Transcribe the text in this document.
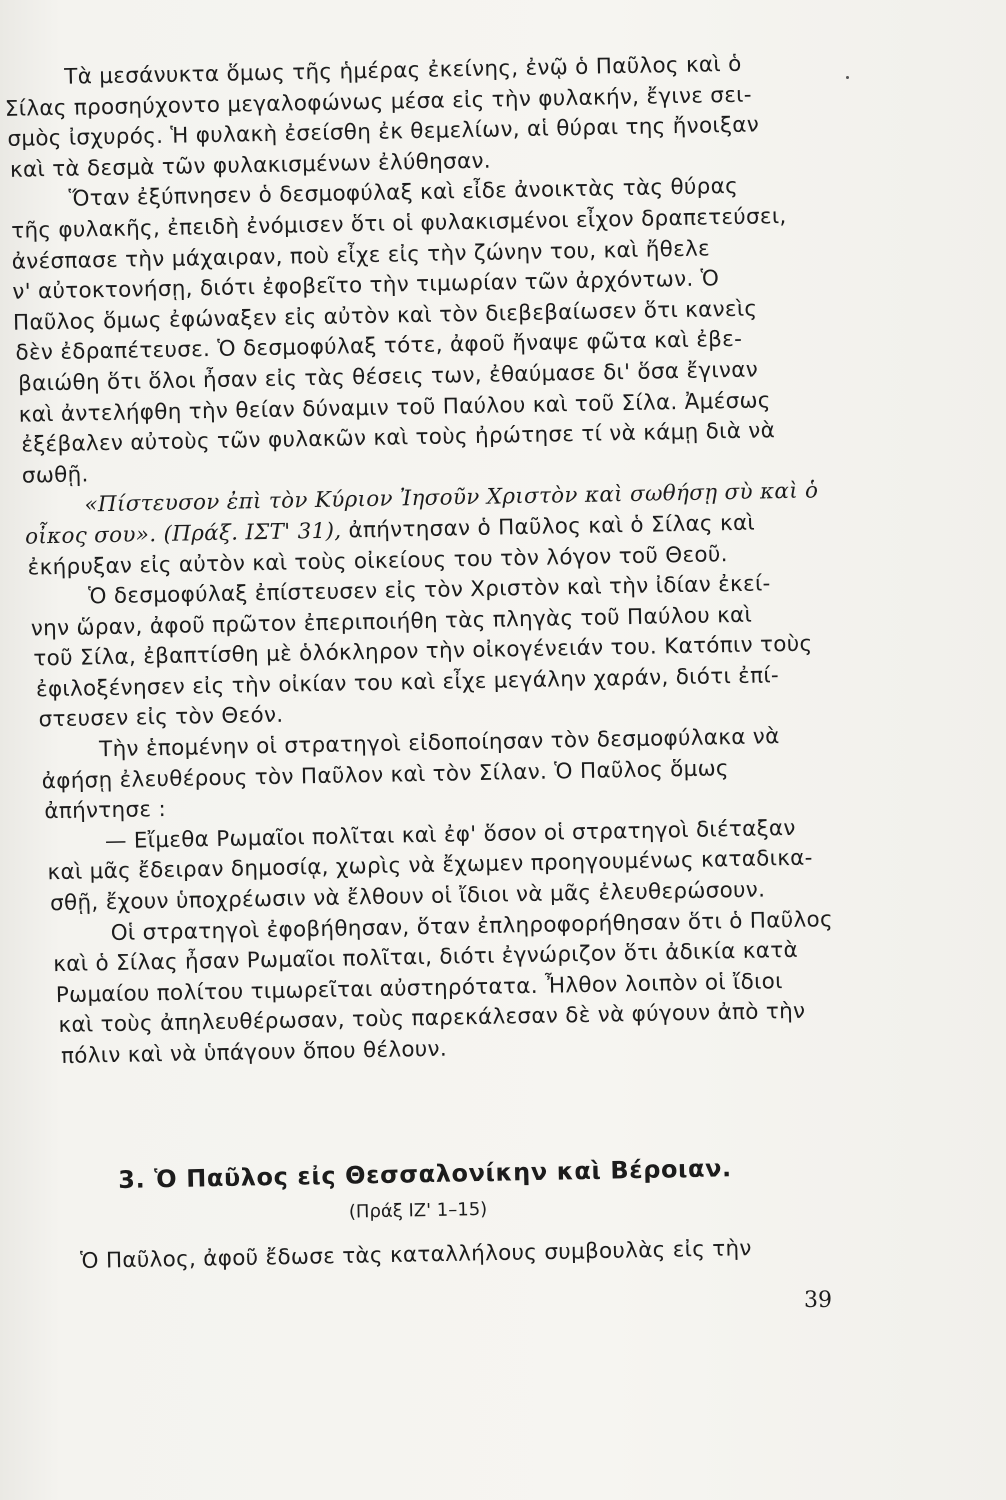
Τὰ μεσάνυκτα ὅμως τῆς ἡμέρας ἐκείνης, ἐνῷ ὁ Παῦλος καὶ ὁ
Σίλας προσηύχοντο μεγαλοφώνως μέσα εἰς τὴν φυλακήν, ἔγινε σει-
σμὸς ἰσχυρός. Ἡ φυλακὴ ἐσείσθη ἐκ θεμελίων, αἱ θύραι της ἤνοιξαν
καὶ τὰ δεσμὰ τῶν φυλακισμένων ἐλύθησαν.
Ὅταν ἐξύπνησεν ὁ δεσμοφύλαξ καὶ εἶδε ἀνοικτὰς τὰς θύρας
τῆς φυλακῆς, ἐπειδὴ ἐνόμισεν ὅτι οἱ φυλακισμένοι εἶχον δραπετεύσει,
ἀνέσπασε τὴν μάχαιραν, ποὺ εἶχε εἰς τὴν ζώνην του, καὶ ἤθελε
ν' αὐτοκτονήσῃ, διότι ἐφοβεῖτο τὴν τιμωρίαν τῶν ἀρχόντων. Ὁ
Παῦλος ὅμως ἐφώναξεν εἰς αὐτὸν καὶ τὸν διεβεβαίωσεν ὅτι κανεὶς
δὲν ἐδραπέτευσε. Ὁ δεσμοφύλαξ τότε, ἀφοῦ ἤναψε φῶτα καὶ ἐβε-
βαιώθη ὅτι ὅλοι ἦσαν εἰς τὰς θέσεις των, ἐθαύμασε δι' ὅσα ἔγιναν
καὶ ἀντελήφθη τὴν θείαν δύναμιν τοῦ Παύλου καὶ τοῦ Σίλα. Ἀμέσως
ἐξέβαλεν αὐτοὺς τῶν φυλακῶν καὶ τοὺς ἠρώτησε τί νὰ κάμῃ διὰ νὰ
σωθῇ.
«Πίστευσον ἐπὶ τὸν Κύριον Ἰησοῦν Χριστὸν καὶ σωθήσῃ σὺ καὶ ὁ
οἶκος σου». (Πράξ. ΙΣΤ' 31), ἀπήντησαν ὁ Παῦλος καὶ ὁ Σίλας καὶ
ἐκήρυξαν εἰς αὐτὸν καὶ τοὺς οἰκείους του τὸν λόγον τοῦ Θεοῦ.
Ὁ δεσμοφύλαξ ἐπίστευσεν εἰς τὸν Χριστὸν καὶ τὴν ἰδίαν ἐκεί-
νην ὥραν, ἀφοῦ πρῶτον ἐπεριποιήθη τὰς πληγὰς τοῦ Παύλου καὶ
τοῦ Σίλα, ἐβαπτίσθη μὲ ὁλόκληρον τὴν οἰκογένειάν του. Κατόπιν τοὺς
ἐφιλοξένησεν εἰς τὴν οἰκίαν του καὶ εἶχε μεγάλην χαράν, διότι ἐπί-
στευσεν εἰς τὸν Θεόν.
Τὴν ἑπομένην οἱ στρατηγοὶ εἰδοποίησαν τὸν δεσμοφύλακα νὰ
ἀφήσῃ ἐλευθέρους τὸν Παῦλον καὶ τὸν Σίλαν. Ὁ Παῦλος ὅμως
ἀπήντησε :
— Εἴμεθα Ρωμαῖοι πολῖται καὶ ἐφ' ὅσον οἱ στρατηγοὶ διέταξαν
καὶ μᾶς ἔδειραν δημοσίᾳ, χωρὶς νὰ ἔχωμεν προηγουμένως καταδικα-
σθῇ, ἔχουν ὑποχρέωσιν νὰ ἔλθουν οἱ ἴδιοι νὰ μᾶς ἐλευθερώσουν.
Οἱ στρατηγοὶ ἐφοβήθησαν, ὅταν ἐπληροφορήθησαν ὅτι ὁ Παῦλος
καὶ ὁ Σίλας ἦσαν Ρωμαῖοι πολῖται, διότι ἐγνώριζον ὅτι ἀδικία κατὰ
Ρωμαίου πολίτου τιμωρεῖται αὐστηρότατα. Ἦλθον λοιπὸν οἱ ἴδιοι
καὶ τοὺς ἀπηλευθέρωσαν, τοὺς παρεκάλεσαν δὲ νὰ φύγουν ἀπὸ τὴν
πόλιν καὶ νὰ ὑπάγουν ὅπου θέλουν.
3. Ὁ Παῦλος εἰς Θεσσαλονίκην καὶ Βέροιαν.
(Πράξ ΙΖ' 1–15)
Ὁ Παῦλος, ἀφοῦ ἔδωσε τὰς καταλλήλους συμβουλὰς εἰς τὴν
39
